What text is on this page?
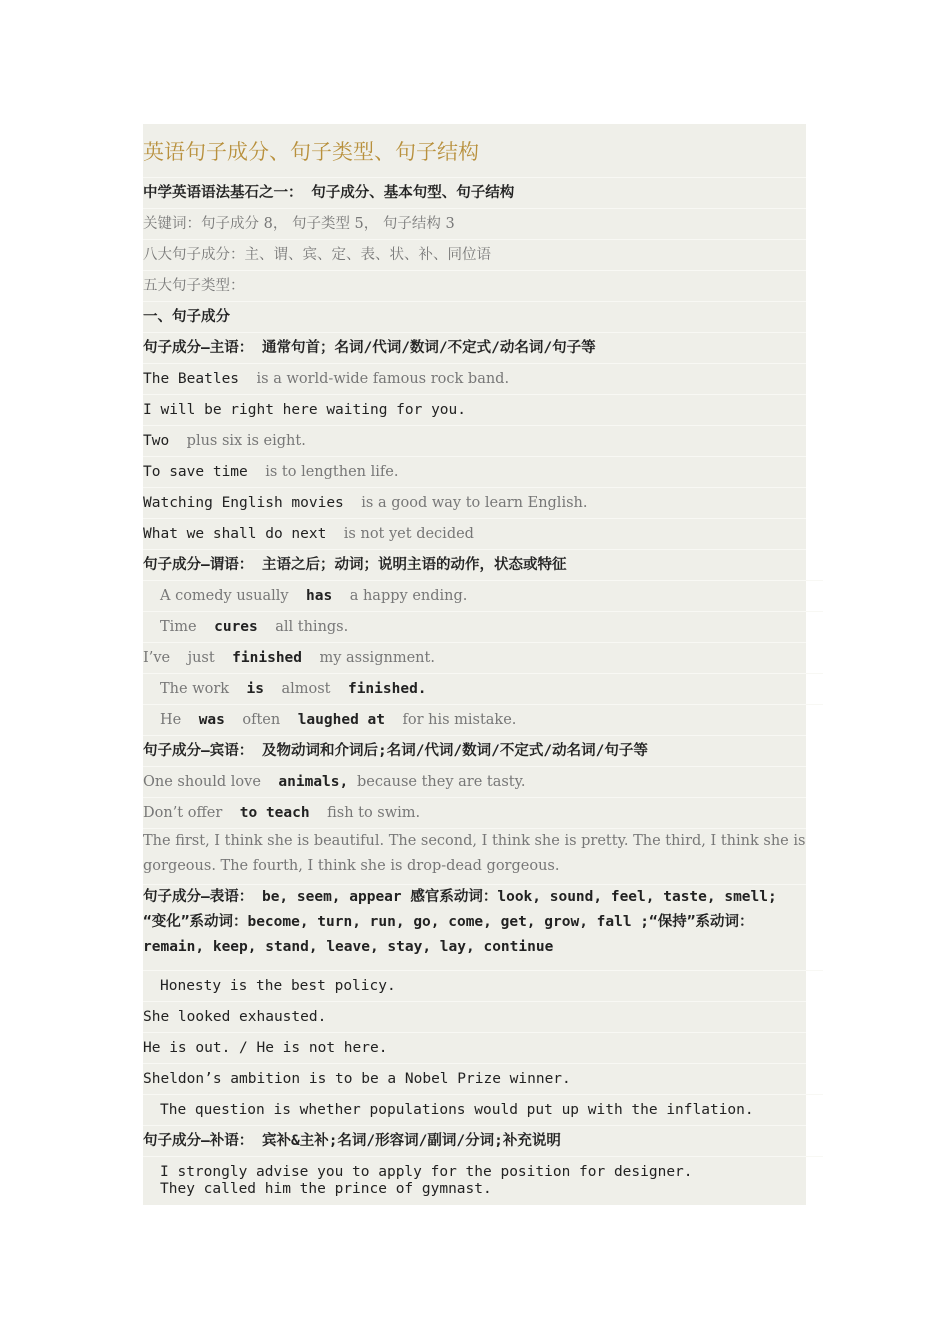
英语句子成分、句子类型、句子结构
中学英语语法基石之一： 句子成分、基本句型、句子结构
关键词：句子成分 8， 句子类型 5， 句子结构 3
八大句子成分：主、谓、宾、定、表、状、补、同位语
五大句子类型：
一、句子成分
句子成分—主语： 通常句首；名词/代词/数词/不定式/动名词/句子等
The Beatles is a world-wide famous rock band.
I will be right here waiting for you.
Two plus six is eight.
To save time is to lengthen life.
Watching English movies is a good way to learn English.
What we shall do next is not yet decided
句子成分—谓语： 主语之后；动词；说明主语的动作，状态或特征
A comedy usually has a happy ending.
Time cures all things.
I’ve just finished my assignment.
The work is almost finished.
He was often laughed at for his mistake.
句子成分—宾语： 及物动词和介词后;名词/代词/数词/不定式/动名词/句子等
One should love animals, because they are tasty.
Don’t offer to teach fish to swim.
The first, I think she is beautiful. The second, I think she is pretty. The third, I think she is gorgeous. The fourth, I think she is drop-dead gorgeous.
句子成分—表语： be, seem, appear 感官系动词：look, sound, feel, taste, smell; “变化”系动词：become, turn, run, go, come, get, grow, fall ;“保持”系动词：remain, keep, stand, leave, stay, lay, continue
Honesty is the best policy.
She looked exhausted.
He is out. / He is not here.
Sheldon’s ambition is to be a Nobel Prize winner.
The question is whether populations would put up with the inflation.
句子成分—补语： 宾补&主补;名词/形容词/副词/分词;补充说明
I strongly advise you to apply for the position for designer.
They called him the prince of gymnast.
